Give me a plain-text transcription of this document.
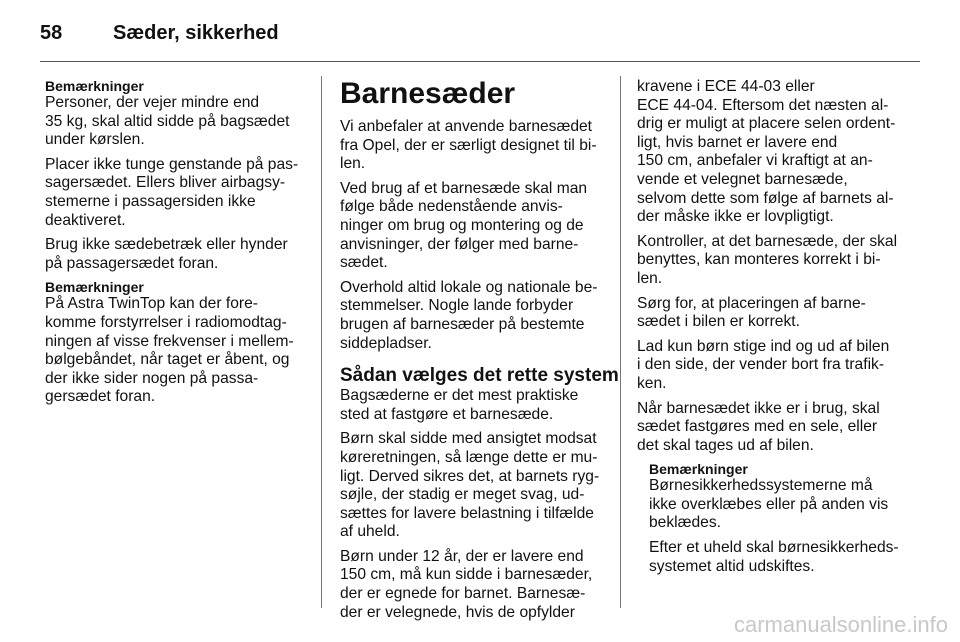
58	Sæder, sikkerhed
Bemærkninger
Personer, der vejer mindre end
35 kg, skal altid sidde på bagsædet
under kørslen.
Placer ikke tunge genstande på pas-
sagersædet. Ellers bliver airbagsy-
stemerne i passagersiden ikke
deaktiveret.
Brug ikke sædebetræk eller hynder
på passagersædet foran.
Bemærkninger
På Astra TwinTop kan der fore-
komme forstyrrelser i radiomodtag-
ningen af visse frekvenser i mellem-
bølgebåndet, når taget er åbent, og
der ikke sider nogen på passa-
gersædet foran.
Barnesæder
Vi anbefaler at anvende barnesædet
fra Opel, der er særligt designet til bi-
len.
Ved brug af et barnesæde skal man
følge både nedenstående anvis-
ninger om brug og montering og de
anvisninger, der følger med barne-
sædet.
Overhold altid lokale og nationale be-
stemmelser. Nogle lande forbyder
brugen af barnesæder på bestemte
siddepladser.
Sådan vælges det rette system
Bagsæderne er det mest praktiske
sted at fastgøre et barnesæde.
Børn skal sidde med ansigtet modsat
køreretningen, så længe dette er mu-
ligt. Derved sikres det, at barnets ryg-
søjle, der stadig er meget svag, ud-
sættes for lavere belastning i tilfælde
af uheld.
Børn under 12 år, der er lavere end
150 cm, må kun sidde i barnesæder,
der er egnede for barnet. Barnesæ-
der er velegnede, hvis de opfylder
kravene i ECE 44-03 eller
ECE 44-04. Eftersom det næsten al-
drig er muligt at placere selen ordent-
ligt, hvis barnet er lavere end
150 cm, anbefaler vi kraftigt at an-
vende et velegnet barnesæde,
selvom dette som følge af barnets al-
der måske ikke er lovpligtigt.
Kontroller, at det barnesæde, der skal
benyttes, kan monteres korrekt i bi-
len.
Sørg for, at placeringen af barne-
sædet i bilen er korrekt.
Lad kun børn stige ind og ud af bilen
i den side, der vender bort fra trafik-
ken.
Når barnesædet ikke er i brug, skal
sædet fastgøres med en sele, eller
det skal tages ud af bilen.
Bemærkninger
Børnesikkerhedssystemerne må
ikke overklæbes eller på anden vis
beklædes.
Efter et uheld skal børnesikkerheds-
systemet altid udskiftes.
carmanualsonline.info
